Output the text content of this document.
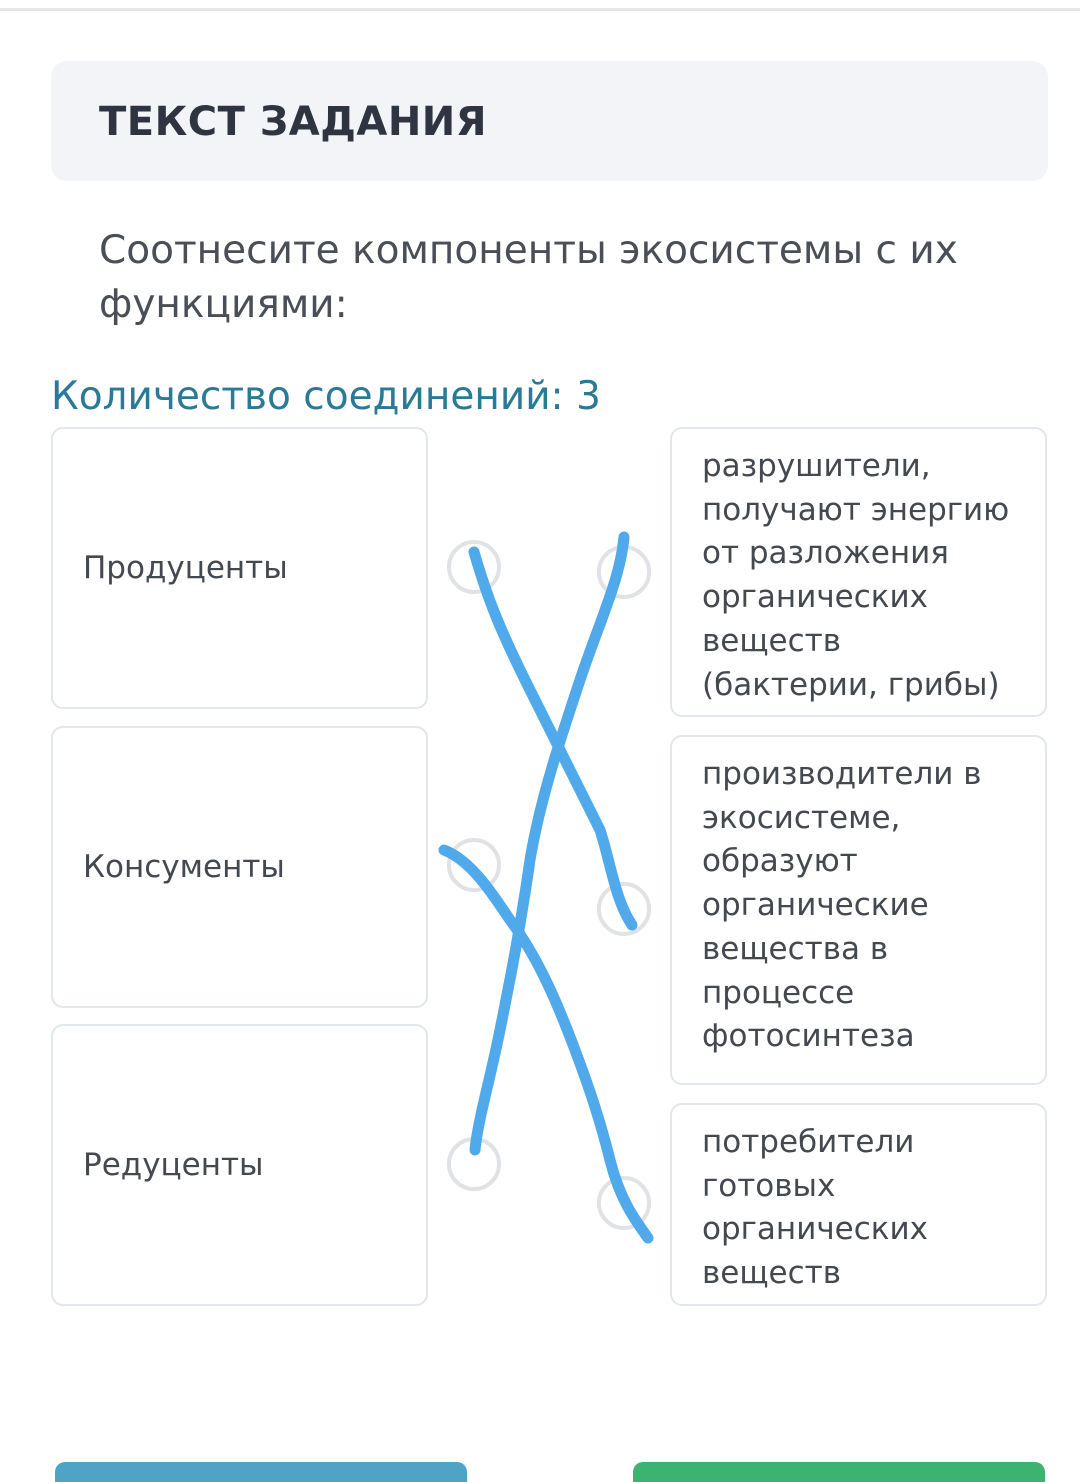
ТЕКСТ ЗАДАНИЯ
Соотнесите компоненты экосистемы с их функциями:
Количество соединений: 3
Продуценты
Консументы
Редуценты
разрушители, получают энергию от разложения органических веществ (бактерии, грибы)
производители в экосистеме, образуют органические вещества в процессе фотосинтеза
потребители готовых органических веществ
